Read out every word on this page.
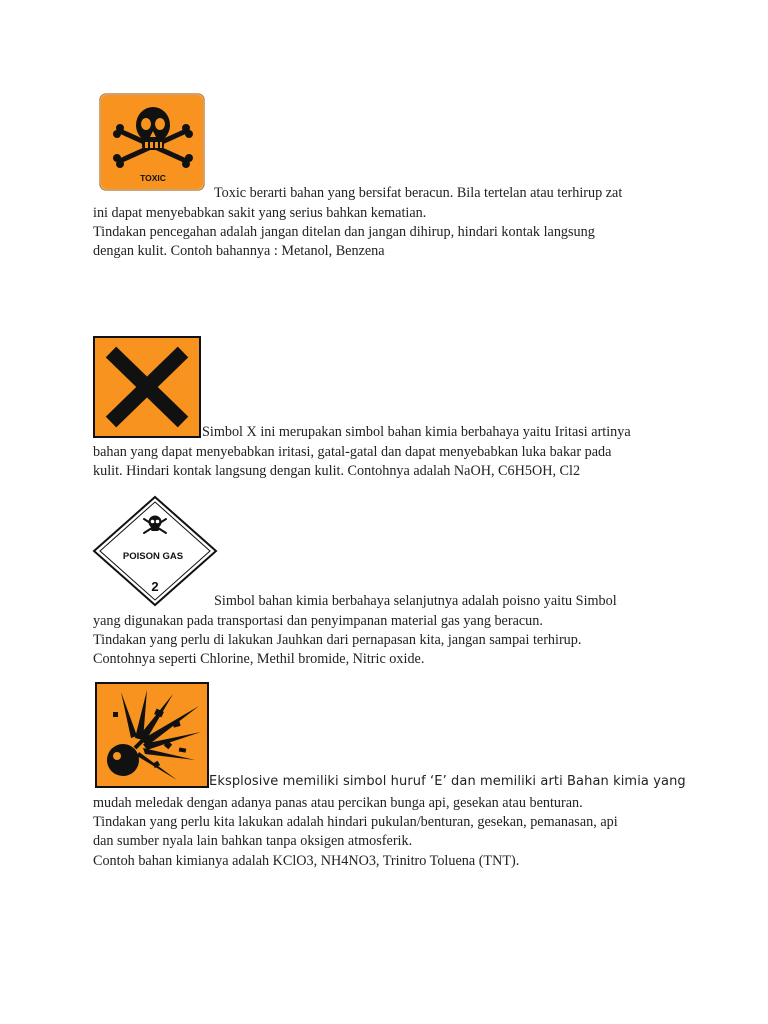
TOXIC
Toxic berarti bahan yang bersifat beracun. Bila tertelan atau terhirup zat
ini dapat menyebabkan sakit yang serius bahkan kematian.
Tindakan pencegahan adalah jangan ditelan dan jangan dihirup, hindari kontak langsung
dengan kulit. Contoh bahannya : Metanol, Benzena
Simbol X ini merupakan simbol bahan kimia berbahaya yaitu Iritasi artinya
bahan yang dapat menyebabkan iritasi, gatal-gatal dan dapat menyebabkan luka bakar pada
kulit. Hindari kontak langsung dengan kulit. Contohnya adalah NaOH, C6H5OH, Cl2
POISON GAS
2
Simbol bahan kimia berbahaya selanjutnya adalah poisno yaitu Simbol
yang digunakan pada transportasi dan penyimpanan material gas yang beracun.
Tindakan yang perlu di lakukan Jauhkan dari pernapasan kita, jangan sampai terhirup.
Contohnya seperti Chlorine, Methil bromide, Nitric oxide.
Eksplosive memiliki simbol huruf ‘E’ dan memiliki arti Bahan kimia yang
mudah meledak dengan adanya panas atau percikan bunga api, gesekan atau benturan.
Tindakan yang perlu kita lakukan adalah hindari pukulan/benturan, gesekan, pemanasan, api
dan sumber nyala lain bahkan tanpa oksigen atmosferik.
Contoh bahan kimianya adalah KClO3, NH4NO3, Trinitro Toluena (TNT).
